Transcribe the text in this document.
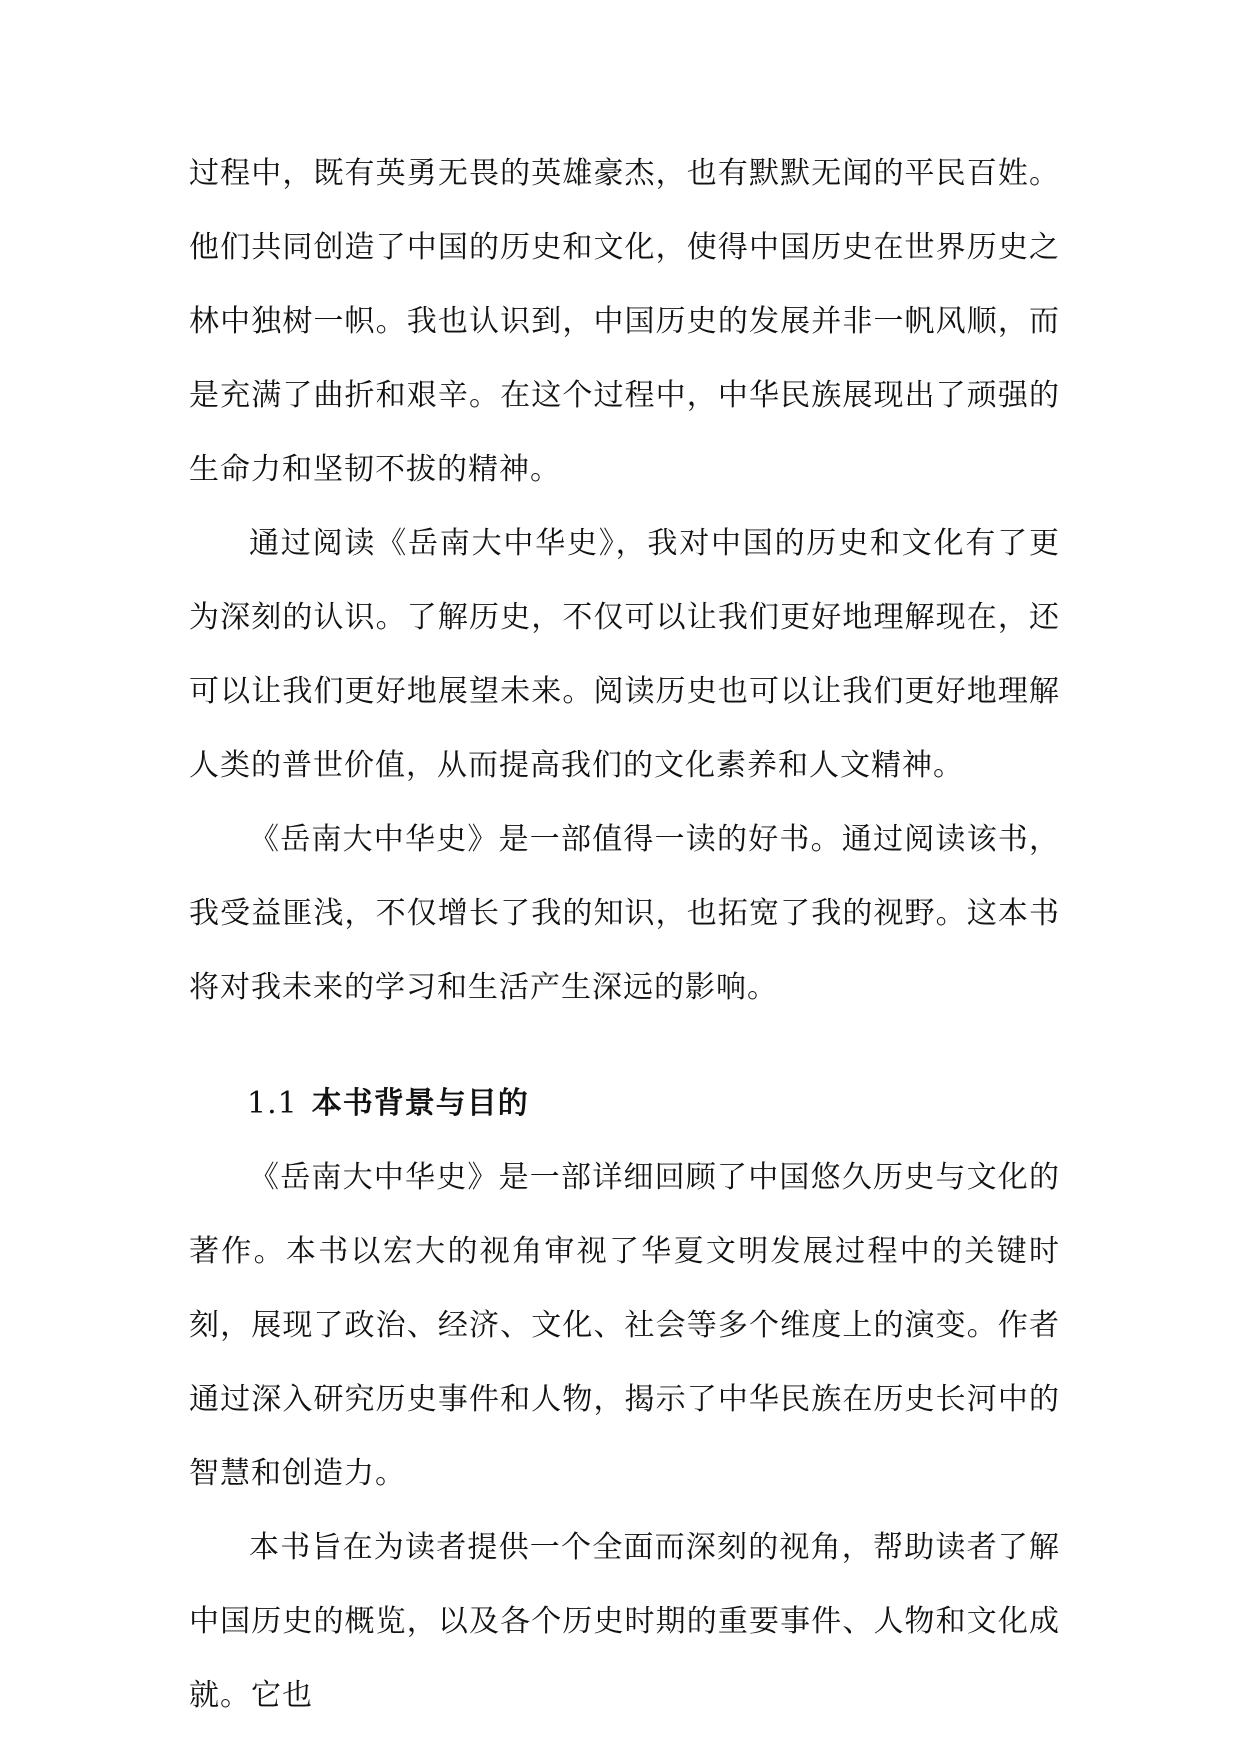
过程中，既有英勇无畏的英雄豪杰，也有默默无闻的平民百姓。他们共同创造了中国的历史和文化，使得中国历史在世界历史之林中独树一帜。我也认识到，中国历史的发展并非一帆风顺，而是充满了曲折和艰辛。在这个过程中，中华民族展现出了顽强的生命力和坚韧不拔的精神。

通过阅读《岳南大中华史》，我对中国的历史和文化有了更为深刻的认识。了解历史，不仅可以让我们更好地理解现在，还可以让我们更好地展望未来。阅读历史也可以让我们更好地理解人类的普世价值，从而提高我们的文化素养和人文精神。

《岳南大中华史》是一部值得一读的好书。通过阅读该书，我受益匪浅，不仅增长了我的知识，也拓宽了我的视野。这本书将对我未来的学习和生活产生深远的影响。

1.1 本书背景与目的

《岳南大中华史》是一部详细回顾了中国悠久历史与文化的著作。本书以宏大的视角审视了华夏文明发展过程中的关键时刻，展现了政治、经济、文化、社会等多个维度上的演变。作者通过深入研究历史事件和人物，揭示了中华民族在历史长河中的智慧和创造力。

本书旨在为读者提供一个全面而深刻的视角，帮助读者了解中国历史的概览，以及各个历史时期的重要事件、人物和文化成就。它也
